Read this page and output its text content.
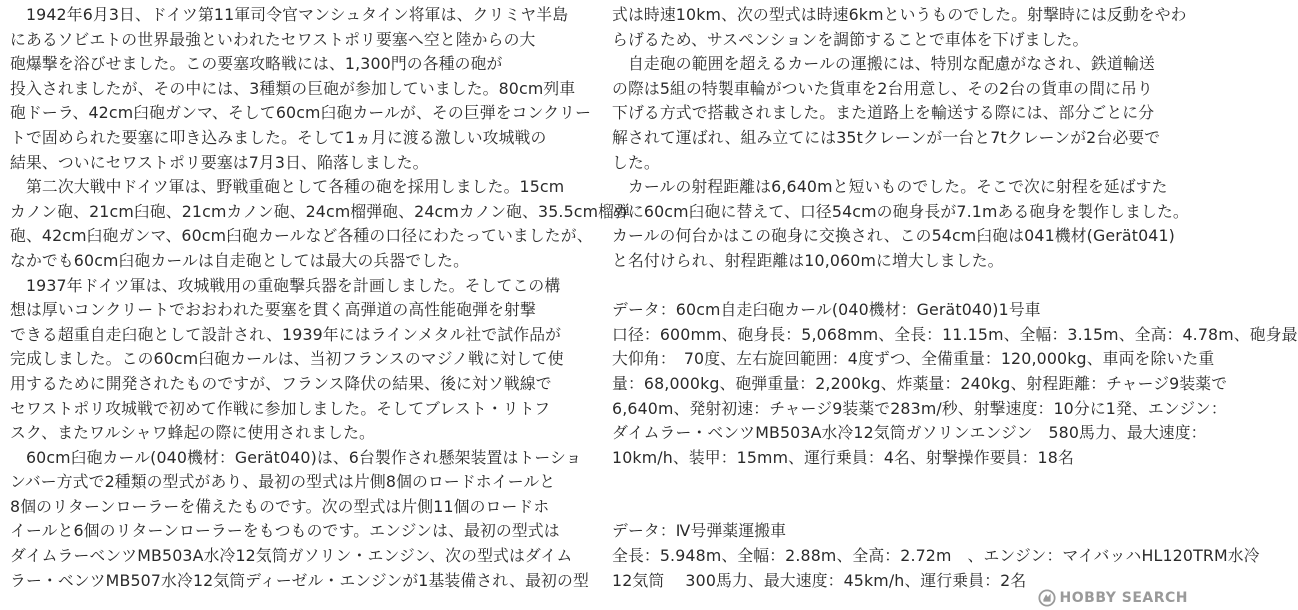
　1942年6月3日、ドイツ第11軍司令官マンシュタイン将軍は、クリミヤ半島
にあるソビエトの世界最強といわれたセワストポリ要塞へ空と陸からの大
砲爆撃を浴びせました。この要塞攻略戦には、1,300門の各種の砲が
投入されましたが、その中には、3種類の巨砲が参加していました。80cm列車
砲ドーラ、42cm臼砲ガンマ、そして60cm臼砲カールが、その巨弾をコンクリー
トで固められた要塞に叩き込みました。そして1ヵ月に渡る激しい攻城戦の
結果、ついにセワストポリ要塞は7月3日、陥落しました。
　第二次大戦中ドイツ軍は、野戦重砲として各種の砲を採用しました。15cm
カノン砲、21cm臼砲、21cmカノン砲、24cm榴弾砲、24cmカノン砲、35.5cm榴弾
砲、42cm臼砲ガンマ、60cm臼砲カールなど各種の口径にわたっていましたが、
なかでも60cm臼砲カールは自走砲としては最大の兵器でした。
　1937年ドイツ軍は、攻城戦用の重砲撃兵器を計画しました。そしてこの構
想は厚いコンクリートでおおわれた要塞を貫く高弾道の高性能砲弾を射撃
できる超重自走臼砲として設計され、1939年にはラインメタル社で試作品が
完成しました。この60cm臼砲カールは、当初フランスのマジノ戦に対して使
用するために開発されたものですが、フランス降伏の結果、後に対ソ戦線で
セワストポリ攻城戦で初めて作戦に参加しました。そしてブレスト・リトフ
スク、またワルシャワ蜂起の際に使用されました。
　60cm臼砲カール(040機材：Gerät040)は、6台製作され懸架装置はトーショ
ンバー方式で2種類の型式があり、最初の型式は片側8個のロードホイールと
8個のリターンローラーを備えたものです。次の型式は片側11個のロードホ
イールと6個のリターンローラーをもつものです。エンジンは、最初の型式は
ダイムラーベンツMB503A水冷12気筒ガソリン・エンジン、次の型式はダイム
ラー・ベンツMB507水冷12気筒ディーゼル・エンジンが1基装備され、最初の型
式は時速10km、次の型式は時速6kmというものでした。射撃時には反動をやわ
らげるため、サスペンションを調節することで車体を下げました。
　自走砲の範囲を超えるカールの運搬には、特別な配慮がなされ、鉄道輸送
の際は5組の特製車輪がついた貨車を2台用意し、その2台の貨車の間に吊り
下げる方式で搭載されました。また道路上を輸送する際には、部分ごとに分
解されて運ばれ、組み立てには35tクレーンが一台と7tクレーンが2台必要で
した。
　カールの射程距離は6,640mと短いものでした。そこで次に射程を延ばすた
めに60cm臼砲に替えて、口径54cmの砲身長が7.1mある砲身を製作しました。
カールの何台かはこの砲身に交換され、この54cm臼砲は041機材(Gerät041)
と名付けられ、射程距離は10,060mに増大しました。
データ：60cm自走臼砲カール(040機材：Gerät040)1号車
口径：600mm、砲身長：5,068mm、全長：11.15m、全幅：3.15m、全高：4.78m、砲身最
大仰角：　70度、左右旋回範囲：4度ずつ、全備重量：120,000kg、車両を除いた重
量：68,000kg、砲弾重量：2,200kg、炸薬量：240kg、射程距離：チャージ9装薬で
6,640m、発射初速：チャージ9装薬で283m/秒、射撃速度：10分に1発、エンジン：
ダイムラー・ベンツMB503A水冷12気筒ガソリンエンジン　580馬力、最大速度：
10km/h、装甲：15mm、運行乗員：4名、射撃操作要員：18名
データ：Ⅳ号弾薬運搬車
全長：5.948m、全幅：2.88m、全高：2.72m　、エンジン：マイバッハHL120TRM水冷
12気筒　 300馬力、最大速度：45km/h、運行乗員：2名
HOBBY SEARCH
